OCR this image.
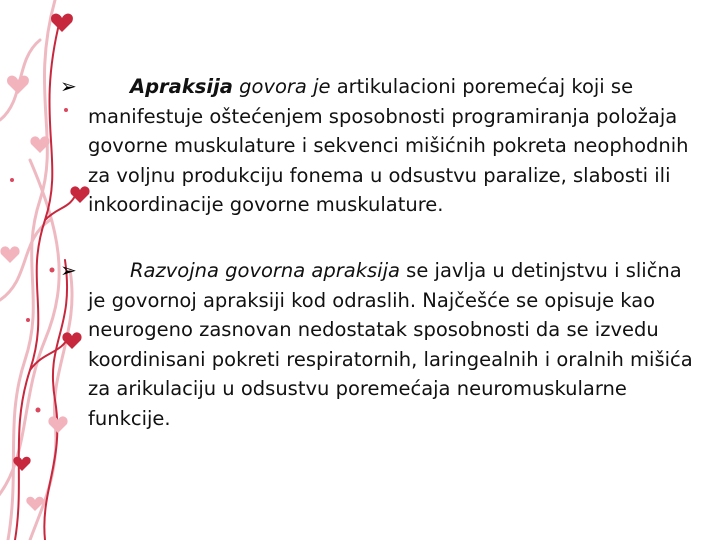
➢	Apraksija govora je artikulacioni poremećaj koji se manifestuje oštećenjem sposobnosti programiranja položaja govorne muskulature i sekvenci mišićnih pokreta neophodnih za voljnu produkciju fonema u odsustvu paralize, slabosti ili inkoordinacije govorne muskulature.

➢	Razvojna govorna apraksija se javlja u detinjstvu i slična je govornoj apraksiji kod odraslih. Najčešće se opisuje kao neurogeno zasnovan nedostatak sposobnosti da se izvedu koordinisani pokreti respiratornih, laringealnih i oralnih mišića za arikulaciju u odsustvu poremećaja neuromuskularne funkcije.
